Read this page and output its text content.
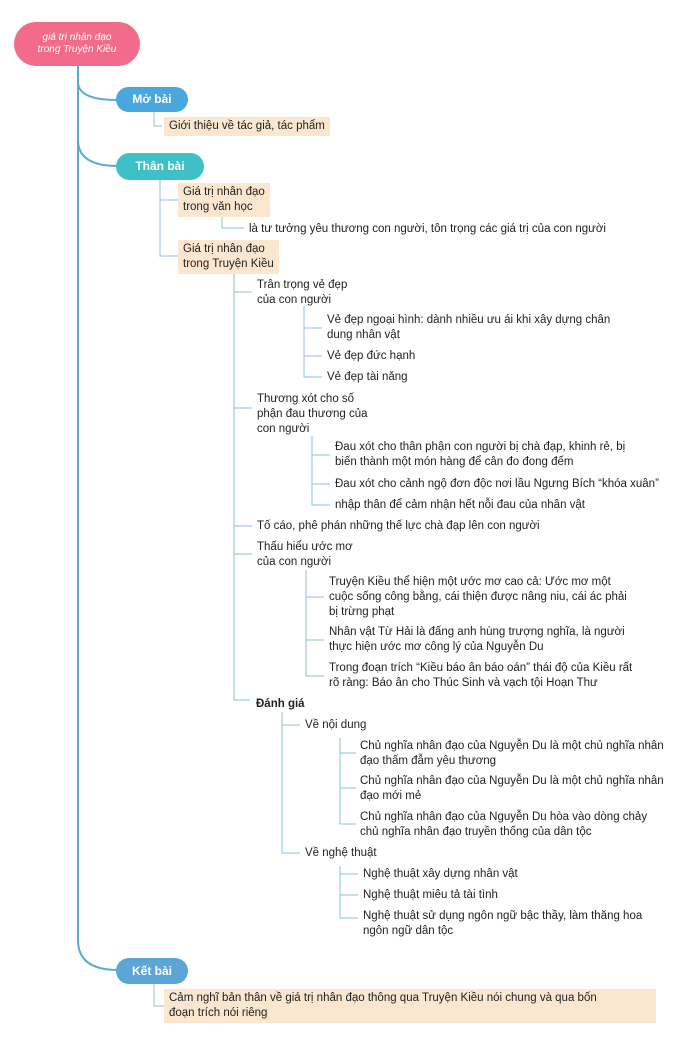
giá trị nhân đạo
trong Truyện Kiều
Mở bài
Giới thiệu về tác giả, tác phẩm
Thân bài
Giá trị nhân đạo
trong văn học
là tư tưởng yêu thương con người, tôn trọng các giá trị của con người
Giá trị nhân đạo
trong Truyện Kiều
Trân trọng vẻ đẹp
của con người
Vẻ đẹp ngoại hình: dành nhiều ưu ái khi xây dựng chân
dung nhân vật
Vẻ đẹp đức hạnh
Vẻ đẹp tài năng
Thương xót cho số
phận đau thương của
con người
Đau xót cho thân phận con người bị chà đạp, khinh rẻ, bị
biến thành một món hàng để cân đo đong đếm
Đau xót cho cảnh ngộ đơn độc nơi lầu Ngưng Bích “khóa xuân”
nhập thân để cảm nhận hết nỗi đau của nhân vật
Tố cáo, phê phán những thế lực chà đạp lên con người
Thấu hiểu ước mơ
của con người
Truyện Kiều thể hiện một ước mơ cao cả: Ước mơ một
cuộc sống công bằng, cái thiện được nâng niu, cái ác phải
bị trừng phạt
Nhân vật Từ Hải là đấng anh hùng trượng nghĩa, là người
thực hiện ước mơ công lý của Nguyễn Du
Trong đoạn trích “Kiều báo ân báo oán” thái độ của Kiều rất
rõ ràng: Báo ân cho Thúc Sinh và vạch tội Hoạn Thư
Đánh giá
Về nội dung
Chủ nghĩa nhân đạo của Nguyễn Du là một chủ nghĩa nhân
đạo thấm đẫm yêu thương
Chủ nghĩa nhân đạo của Nguyễn Du là một chủ nghĩa nhân
đạo mới mẻ
Chủ nghĩa nhân đạo của Nguyễn Du hòa vào dòng chảy
chủ nghĩa nhân đạo truyền thống của dân tộc
Về nghệ thuật
Nghệ thuật xây dựng nhân vật
Nghệ thuật miêu tả tài tình
Nghệ thuật sử dụng ngôn ngữ bậc thầy, làm thăng hoa
ngôn ngữ dân tộc
Kết bài
Cảm nghĩ bản thân về giá trị nhân đạo thông qua Truyện Kiều nói chung và qua bốn
đoạn trích nói riêng
